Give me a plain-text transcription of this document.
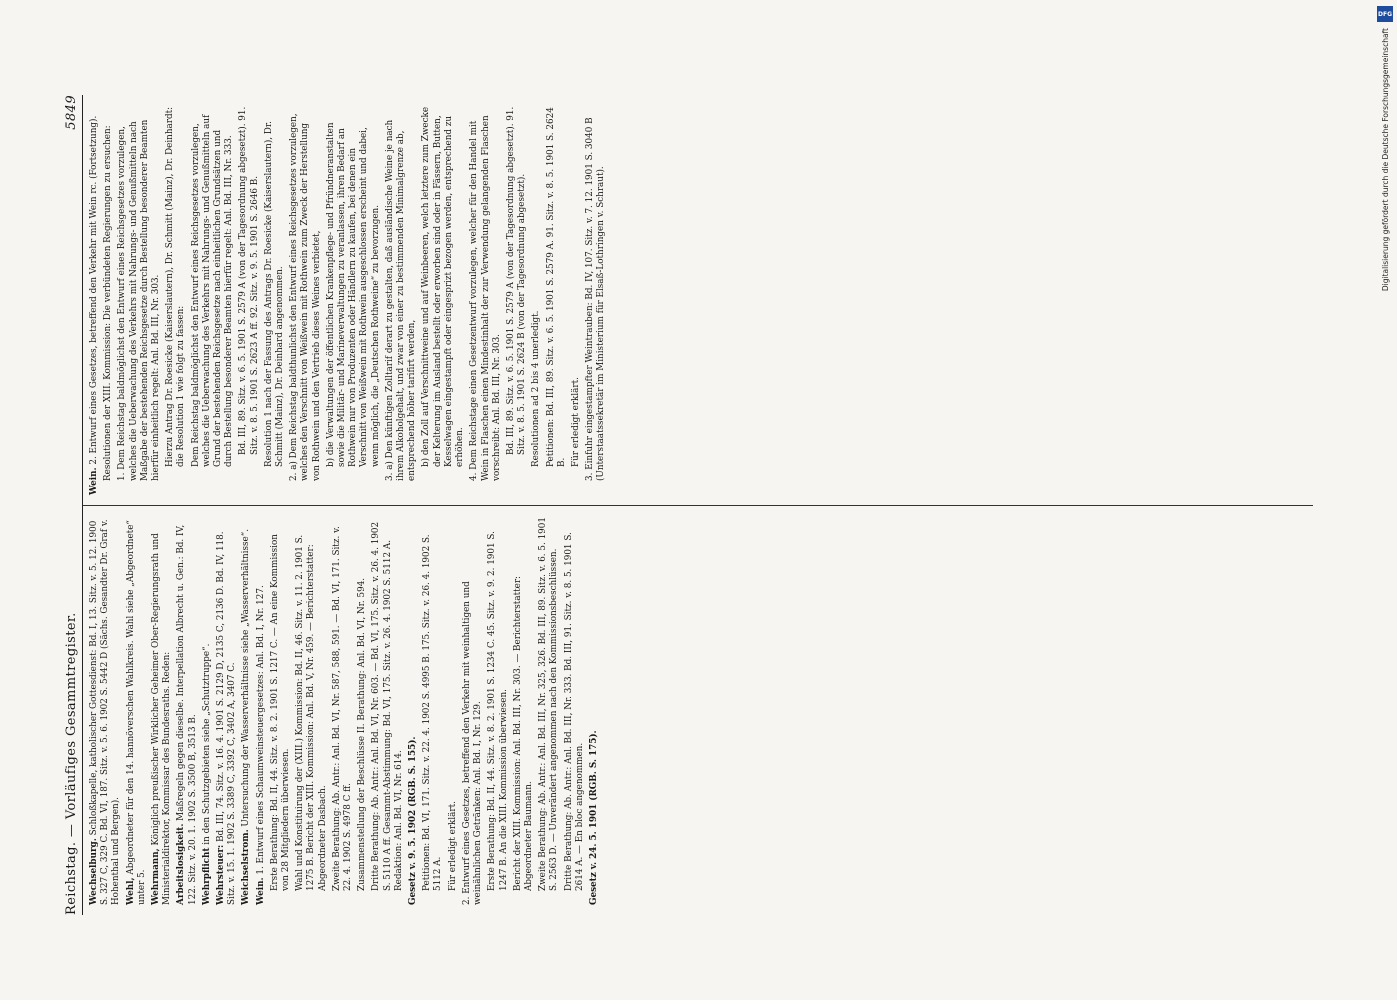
Reichstag. — Vorläufiges Gesammtregister.
5849

Wechselburg. Schloßkapelle, katholischer Gottesdienst: Bd. I, 13. Sitz. v. 5. 12. 1900 S. 327 C, 329 C. Bd. VI, 187. Sitz. v. 5. 6. 1902 S. 5442 D (Sächs. Gesandter Dr. Graf v. Hohenthal und Bergen). Wehl, Abgeordneter für den 14. hannöverschen Wahlkreis. Wahl siehe „Abgeordnete“ unter 5. Wehrmann, Königlich preußischer Wirklicher Geheimer Ober-Regierungsrath und Ministerialdirektor, Kommissar des Bundesraths. Reden: Arbeitslosigkeit. Maßregeln gegen dieselbe. Interpellation Albrecht u. Gen.: Bd. IV, 122. Sitz. v. 20. 1. 1902 S. 3500 B, 3513 B. Wehrpflicht in den Schutzgebieten siehe „Schutztruppe“.

Wehrsteuer: Bd. III, 74. Sitz. v. 16. 4. 1901 S. 2129 D, 2135 C, 2136 D. Bd. IV, 118. Sitz. v. 15. 1. 1902 S. 3389 C, 3392 C, 3402 A, 3407 C. Weichselstrom. Untersuchung der Wasserverhältnisse siehe „Wasserverhältnisse“.

Wein. 1. Entwurf eines Schaumweinsteuergesetzes: Anl. Bd. I, Nr. 127. Erste Berathung: Bd. II, 44. Sitz. v. 8. 2. 1901 S. 1217 C. — An eine Kommission von 28 Mitgliedern überwiesen. Wahl und Konstituirung der (XIII.) Kommission: Bd. II, 46. Sitz. v. 11. 2. 1901 S. 1275 B. Bericht der XIII. Kommission: Anl. Bd. V, Nr. 459. — Berichterstatter: Abgeordneter Dasbach. Zweite Berathung: Ab. Antr.: Anl. Bd. VI, Nr. 587, 588, 591. — Bd. VI, 171. Sitz. v. 22. 4. 1902 S. 4978 C ff. Zusammenstellung der Beschlüsse II. Berathung: Anl. Bd. VI, Nr. 594. Dritte Berathung: Ab. Antr.: Anl. Bd. VI, Nr. 603. — Bd. VI, 175. Sitz. v. 26. 4. 1902 S. 5110 A ff. Gesammt-Abstimmung: Bd. VI, 175. Sitz. v. 26. 4. 1902 S. 5112 A. Redaktion: Anl. Bd. VI, Nr. 614. Gesetz v. 9. 5. 1902 (RGB. S. 155). Petitionen: Bd. VI, 171. Sitz. v. 22. 4. 1902 S. 4995 B. 175. Sitz. v. 26. 4. 1902 S. 5112 A. Für erledigt erklärt. 2. Entwurf eines Gesetzes, betreffend den Verkehr mit weinhaltigen und weinähnlichen Getränken: Anl. Bd. I, Nr. 129. Erste Berathung: Bd. II, 44. Sitz. v. 8. 2. 1901 S. 1234 C. 45. Sitz. v. 9. 2. 1901 S. 1247 B. An die XIII. Kommission überwiesen. Bericht der XIII. Kommission: Anl. Bd. III, Nr. 303. — Berichterstatter: Abgeordneter Baumann. Zweite Berathung: Ab. Antr.: Anl. Bd. III, Nr. 325, 326. Bd. III, 89. Sitz. v. 6. 5. 1901 S. 2563 D. — Unverändert angenommen nach den Kommissionsbeschlüssen. Dritte Berathung: Ab. Antr.: Anl. Bd. III, Nr. 333. Bd. III, 91. Sitz. v. 8. 5. 1901 S. 2614 A. — En bloc angenommen. Gesetz v. 24. 5. 1901 (RGB. S. 175).

Wein. 2. Entwurf eines Gesetzes, betreffend den Verkehr mit Wein rc. (Fortsetzung). Resolutionen der XIII. Kommission: Die verbündeten Regierungen zu ersuchen: 1. Dem Reichstag baldmöglichst den Entwurf eines Reichsgesetzes vorzulegen, welches die Ueberwachung des Verkehrs mit Nahrungs- und Genußmitteln nach Maßgabe der bestehenden Reichsgesetze durch Bestellung besonderer Beamten hierfür einheitlich regelt: Anl. Bd. III, Nr. 303. Hierzu Antrag Dr. Roesicke (Kaiserslautern), Dr. Schmitt (Mainz), Dr. Deinhardt: die Resolution 1 wie folgt zu fassen: Dem Reichstag baldmöglichst den Entwurf eines Reichsgesetzes vorzulegen, welches die Ueberwachung des Verkehrs mit Nahrungs- und Genußmitteln auf Grund der bestehenden Reichsgesetze nach einheitlichen Grundsätzen und durch Bestellung besonderer Beamten hierfür regelt: Anl. Bd. III, Nr. 333. Bd. III, 89. Sitz. v. 6. 5. 1901 S. 2579 A (von der Tagesordnung abgesetzt). 91. Sitz. v. 8. 5. 1901 S. 2623 A ff. 92. Sitz. v. 9. 5. 1901 S. 2646 B. Resolution 1 nach der Fassung des Antrags Dr. Roesicke (Kaiserslautern), Dr. Schmitt (Mainz), Dr. Deinhard angenommen. 2. a) Dem Reichstag baldthunlichst den Entwurf eines Reichsgesetzes vorzulegen, welches den Verschnitt von Weißwein mit Rothwein zum Zweck der Herstellung von Rothwein und den Vertrieb dieses Weines verbietet, b) die Verwaltungen der öffentlichen Krankenpflege- und Pfründneranstalten sowie die Militär- und Marineverwaltungen zu veranlassen, ihren Bedarf an Rothwein nur von Produzenten oder Händlern zu kaufen, bei denen ein Verschnitt von Weißwein mit Rothwein ausgeschlossen erscheint und dabei, wenn möglich, die „Deutschen Rothweine“ zu bevorzugen. 3. a) Den künftigen Zolltarif derart zu gestalten, daß ausländische Weine je nach ihrem Alkoholgehalt, und zwar von einer zu bestimmenden Minimalgrenze ab, entsprechend höher tarifirt werden, b) den Zoll auf Verschnittweine und auf Weinbeeren, welch letztere zum Zwecke der Kelterung im Ausland bestellt oder erworben sind oder in Fässern, Butten, Kesselwagen eingestampft oder eingesprizt bezogen werden, entsprechend zu erhöhen. 4. Dem Reichstage einen Gesetzentwurf vorzulegen, welcher für den Handel mit Wein in Flaschen einen Mindestinhalt der zur Verwendung gelangenden Flaschen vorschreibt: Anl. Bd. III, Nr. 303. Bd. III, 89. Sitz. v. 6. 5. 1901 S. 2579 A (von der Tagesordnung abgesetzt). 91. Sitz. v. 8. 5. 1901 S. 2624 B (von der Tagesordnung abgesetzt). Resolutionen ad 2 bis 4 unerledigt. Petitionen: Bd. III, 89. Sitz. v. 6. 5. 1901 S. 2579 A. 91. Sitz. v. 8. 5. 1901 S. 2624 B. Für erledigt erklärt. 3. Einfuhr eingestampfter Weintrauben: Bd. IV, 107. Sitz. v. 7. 12. 1901 S. 3040 B (Unterstaatssekretär im Ministerium für Elsaß-Lothringen v. Schraut).

DFG
Digitalisierung gefördert durch die Deutsche Forschungsgemeinschaft
